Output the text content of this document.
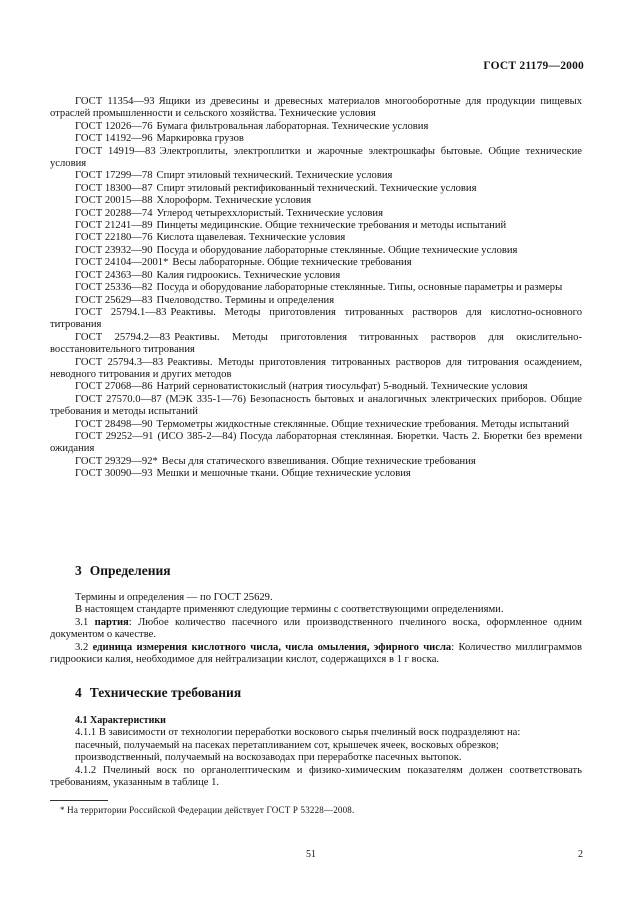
ГОСТ 21179—2000

ГОСТ 11354—93 Ящики из древесины и древесных материалов многооборотные для продукции пищевых отраслей промышленности и сельского хозяйства. Технические условия

ГОСТ 12026—76 Бумага фильтровальная лабораторная. Технические условия

ГОСТ 14192—96 Маркировка грузов

ГОСТ 14919—83 Электроплиты, электроплитки и жарочные электрошкафы бытовые. Общие технические условия

ГОСТ 17299—78 Спирт этиловый технический. Технические условия

ГОСТ 18300—87 Спирт этиловый ректификованный технический. Технические условия

ГОСТ 20015—88 Хлороформ. Технические условия

ГОСТ 20288—74 Углерод четыреххлористый. Технические условия

ГОСТ 21241—89 Пинцеты медицинские. Общие технические требования и методы испытаний

ГОСТ 22180—76 Кислота щавелевая. Технические условия

ГОСТ 23932—90 Посуда и оборудование лабораторные стеклянные. Общие технические условия

ГОСТ 24104—2001* Весы лабораторные. Общие технические требования

ГОСТ 24363—80 Калия гидроокись. Технические условия

ГОСТ 25336—82 Посуда и оборудование лабораторные стеклянные. Типы, основные параметры и размеры

ГОСТ 25629—83 Пчеловодство. Термины и определения

ГОСТ 25794.1—83 Реактивы. Методы приготовления титрованных растворов для кислотно-основного титрования

ГОСТ 25794.2—83 Реактивы. Методы приготовления титрованных растворов для окислительно-восстановительного титрования

ГОСТ 25794.3—83 Реактивы. Методы приготовления титрованных растворов для титрования осаждением, неводного титрования и других методов

ГОСТ 27068—86 Натрий серноватистокислый (натрия тиосульфат) 5-водный. Технические условия

ГОСТ 27570.0—87 (МЭК 335-1—76) Безопасность бытовых и аналогичных электрических приборов. Общие требования и методы испытаний

ГОСТ 28498—90 Термометры жидкостные стеклянные. Общие технические требования. Методы испытаний

ГОСТ 29252—91 (ИСО 385-2—84) Посуда лабораторная стеклянная. Бюретки. Часть 2. Бюретки без времени ожидания

ГОСТ 29329—92* Весы для статического взвешивания. Общие технические требования

ГОСТ 30090—93 Мешки и мешочные ткани. Общие технические условия

3 Определения

Термины и определения — по ГОСТ 25629.

В настоящем стандарте применяют следующие термины с соответствующими определениями.

3.1 партия: Любое количество пасечного или производственного пчелиного воска, оформленное одним документом о качестве.

3.2 единица измерения кислотного числа, числа омыления, эфирного числа: Количество миллиграммов гидроокиси калия, необходимое для нейтрализации кислот, содержащихся в 1 г воска.

4 Технические требования

4.1 Характеристики

4.1.1 В зависимости от технологии переработки воскового сырья пчелиный воск подразделяют на:

пасечный, получаемый на пасеках перетапливанием сот, крышечек ячеек, восковых обрезков;

производственный, получаемый на воскозаводах при переработке пасечных вытопок.

4.1.2 Пчелиный воск по органолептическим и физико-химическим показателям должен соответствовать требованиям, указанным в таблице 1.

* На территории Российской Федерации действует ГОСТ Р 53228—2008.
51	2
